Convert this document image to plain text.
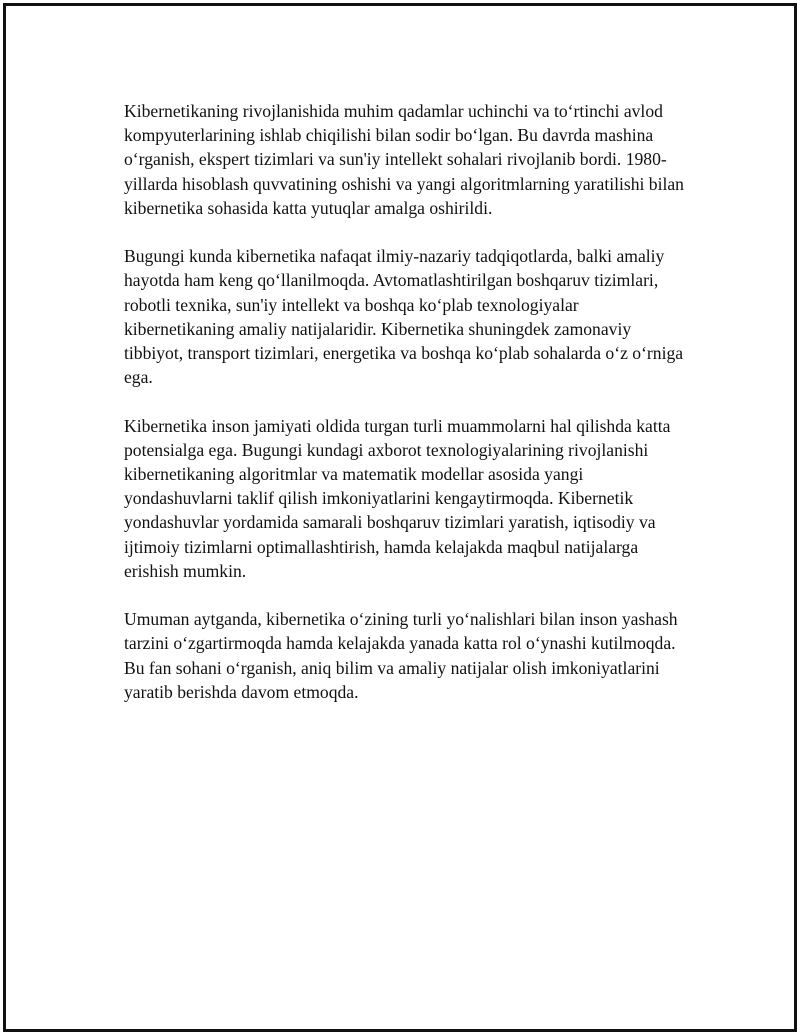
Kibernetikaning rivojlanishida muhim qadamlar uchinchi va to‘rtinchi avlod kompyuterlarining ishlab chiqilishi bilan sodir bo‘lgan. Bu davrda mashina o‘rganish, ekspert tizimlari va sun'iy intellekt sohalari rivojlanib bordi. 1980-yillarda hisoblash quvvatining oshishi va yangi algoritmlarning yaratilishi bilan kibernetika sohasida katta yutuqlar amalga oshirildi.

Bugungi kunda kibernetika nafaqat ilmiy-nazariy tadqiqotlarda, balki amaliy hayotda ham keng qo‘llanilmoqda. Avtomatlashtirilgan boshqaruv tizimlari, robotli texnika, sun'iy intellekt va boshqa ko‘plab texnologiyalar kibernetikaning amaliy natijalaridir. Kibernetika shuningdek zamonaviy tibbiyot, transport tizimlari, energetika va boshqa ko‘plab sohalarda o‘z o‘rniga ega.

Kibernetika inson jamiyati oldida turgan turli muammolarni hal qilishda katta potensialga ega. Bugungi kundagi axborot texnologiyalarining rivojlanishi kibernetikaning algoritmlar va matematik modellar asosida yangi yondashuvlarni taklif qilish imkoniyatlarini kengaytirmoqda. Kibernetik yondashuvlar yordamida samarali boshqaruv tizimlari yaratish, iqtisodiy va ijtimoiy tizimlarni optimallashtirish, hamda kelajakda maqbul natijalarga erishish mumkin.

Umuman aytganda, kibernetika o‘zining turli yo‘nalishlari bilan inson yashash tarzini o‘zgartirmoqda hamda kelajakda yanada katta rol o‘ynashi kutilmoqda. Bu fan sohani o‘rganish, aniq bilim va amaliy natijalar olish imkoniyatlarini yaratib berishda davom etmoqda.
